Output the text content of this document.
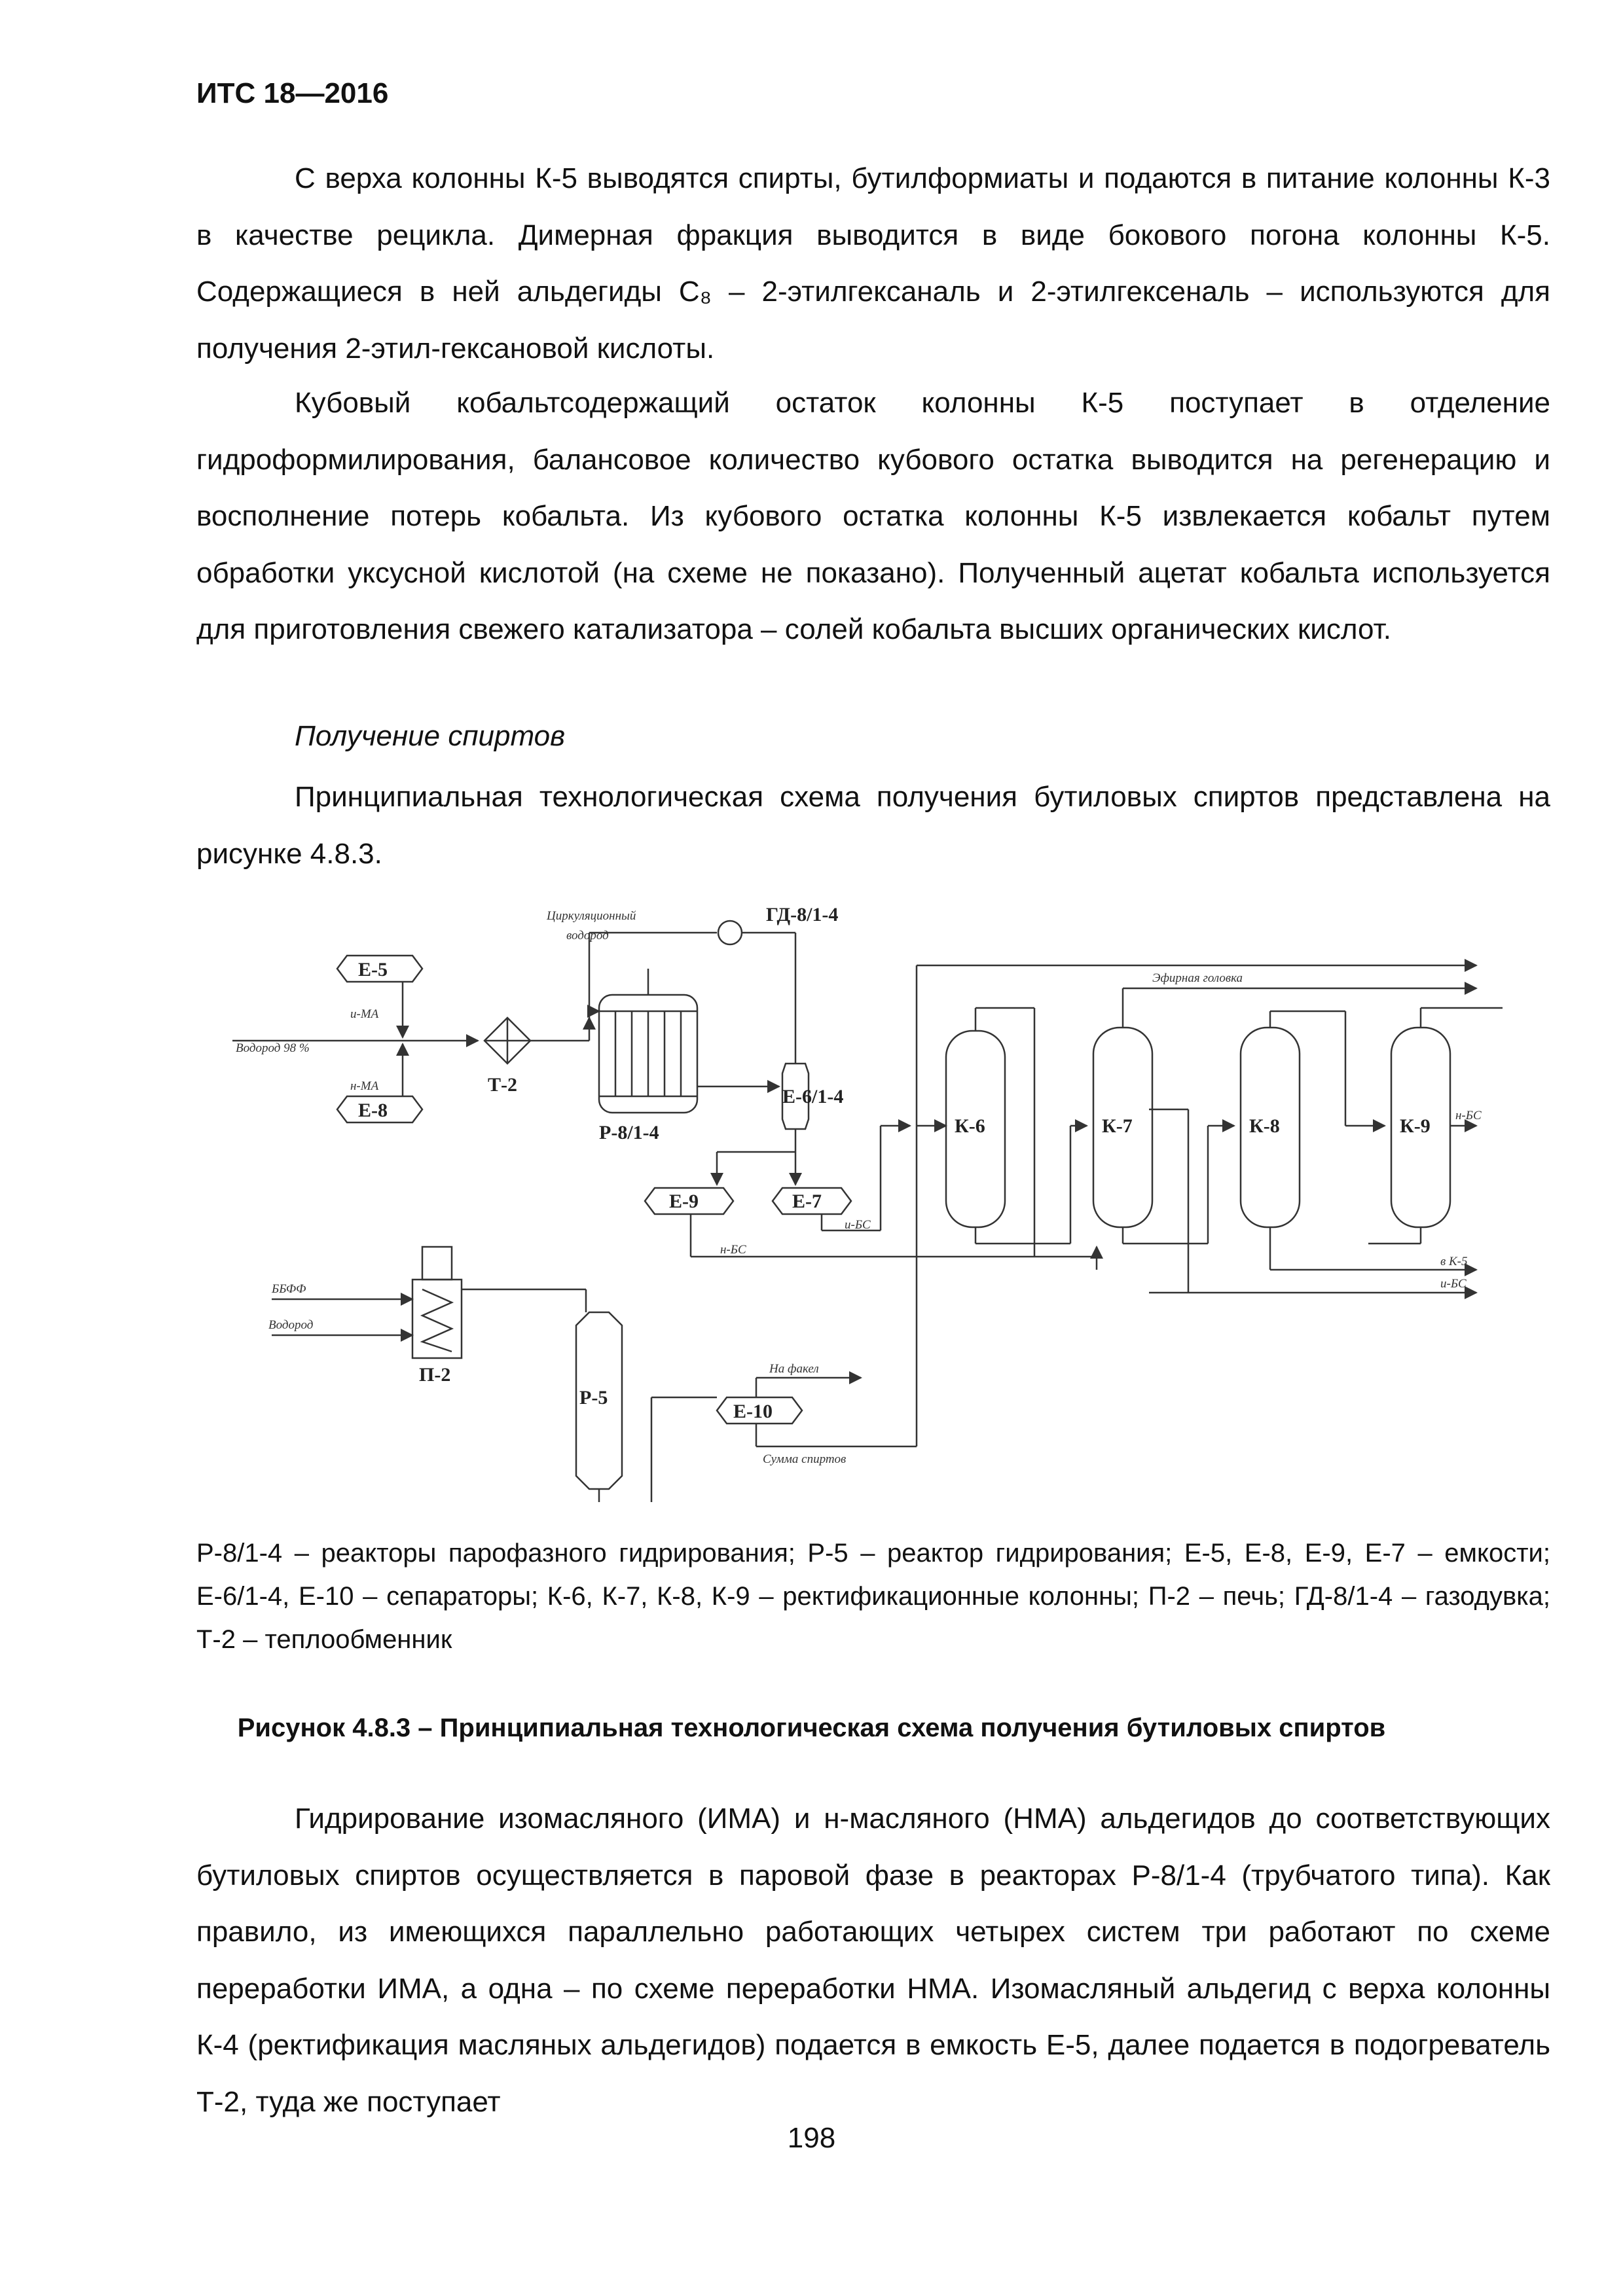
ИТС 18—2016

С верха колонны К-5 выводятся спирты, бутилформиаты и подаются в питание колонны К-3 в качестве рецикла. Димерная фракция выводится в виде бокового погона колонны К-5. Содержащиеся в ней альдегиды C₈ – 2-этилгексаналь и 2-этилгексеналь – используются для получения 2-этил-гексановой кислоты.

Кубовый кобальтсодержащий остаток колонны К-5 поступает в отделение гидроформилирования, балансовое количество кубового остатка выводится на регенерацию и восполнение потерь кобальта. Из кубового остатка колонны К-5 извлекается кобальт путем обработки уксусной кислотой (на схеме не показано). Полученный ацетат кобальта используется для приготовления свежего катализатора – солей кобальта высших органических кислот.

Получение спиртов

Принципиальная технологическая схема получения бутиловых спиртов представлена на рисунке 4.8.3.

Е-5
Е-8
и-МА
н-МА
Водород 98 %
Т-2
Р-8/1-4
Циркуляционный
водород
ГД-8/1-4
Е-6/1-4
Е-9	Е-7
и-БС
н-БС
Эфирная головка
К-6	К-7	К-8	К-9 н-БС
в К-5
и-БС
ББФФ
Водород
П-2
Р-5
Е-10
На факел
Сумма спиртов

Р-8/1-4 – реакторы парофазного гидрирования; Р-5 – реактор гидрирования; Е-5, Е-8, Е-9, Е-7 – емкости; Е-6/1-4, Е-10 – сепараторы; К-6, К-7, К-8, К-9 – ректификационные колонны; П-2 – печь; ГД-8/1-4 – газодувка; Т-2 – теплообменник

Рисунок 4.8.3 – Принципиальная технологическая схема получения бутиловых спиртов

Гидрирование изомасляного (ИМА) и н-масляного (НМА) альдегидов до соответствующих бутиловых спиртов осуществляется в паровой фазе в реакторах Р-8/1-4 (трубчатого типа). Как правило, из имеющихся параллельно работающих четырех систем три работают по схеме переработки ИМА, а одна – по схеме переработки НМА. Изомасляный альдегид с верха колонны К-4 (ректификация масляных альдегидов) подается в емкость Е-5, далее подается в подогреватель Т-2, туда же поступает

198
